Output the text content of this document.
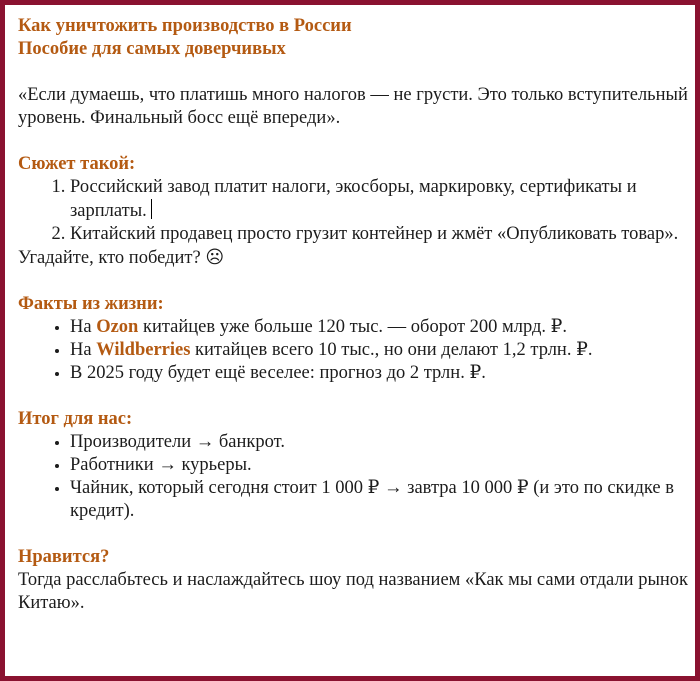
Как уничтожить производство в России
Пособие для самых доверчивых

«Если думаешь, что платишь много налогов — не грусти. Это только вступительный уровень. Финальный босс ещё впереди».

Сюжет такой:
1. Российский завод платит налоги, экосборы, маркировку, сертификаты и зарплаты.
2. Китайский продавец просто грузит контейнер и жмёт «Опубликовать товар».

Угадайте, кто победит? ☹

Факты из жизни:
• На Ozon китайцев уже больше 120 тыс. — оборот 200 млрд. ₽.
• На Wildberries китайцев всего 10 тыс., но они делают 1,2 трлн. ₽.
• В 2025 году будет ещё веселее: прогноз до 2 трлн. ₽.
Итог для нас:
• Производители → банкрот.
• Работники → курьеры.
• Чайник, который сегодня стоит 1 000 ₽ → завтра 10 000 ₽ (и это по скидке в кредит).
Нравится?

Тогда расслабьтесь и наслаждайтесь шоу под названием «Как мы сами отдали рынок Китаю».
